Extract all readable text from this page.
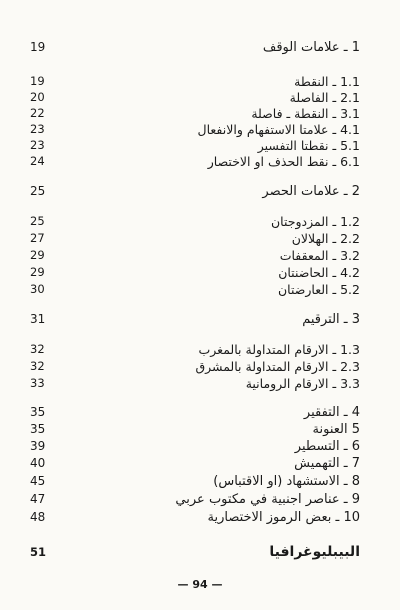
19	1 ـ علامات الوقف
19	1.1 ـ النقطة
20	2.1 ـ الفاصلة
22	3.1 ـ النقطة ـ فاصلة
23	4.1 ـ علامتا الاستفهام والانفعال
23	5.1 ـ نقطتا التفسير
24	6.1 ـ نقط الحذف او الاختصار
25	2 ـ علامات الحصر
25	1.2 ـ المزدوجتان
27	2.2 ـ الهلالان
29	3.2 ـ المعقفات
29	4.2 ـ الحاضنتان
30	5.2 ـ العارضتان
31	3 ـ الترقيم
32	1.3 ـ الارقام المتداولة بالمغرب
32	2.3 ـ الارقام المتداولة بالمشرق
33	3.3 ـ الارقام الرومانية
35	4 ـ التفقير
35	5 العنونة
39	6 ـ التسطير
40	7 ـ التهميش
45	8 ـ الاستشهاد (او الاقتباس)
47	9 ـ عناصر اجنبية في مكتوب عربي
48	10 ـ بعض الرموز الاختصارية
51	البيبليوغرافيا
— 94 —
